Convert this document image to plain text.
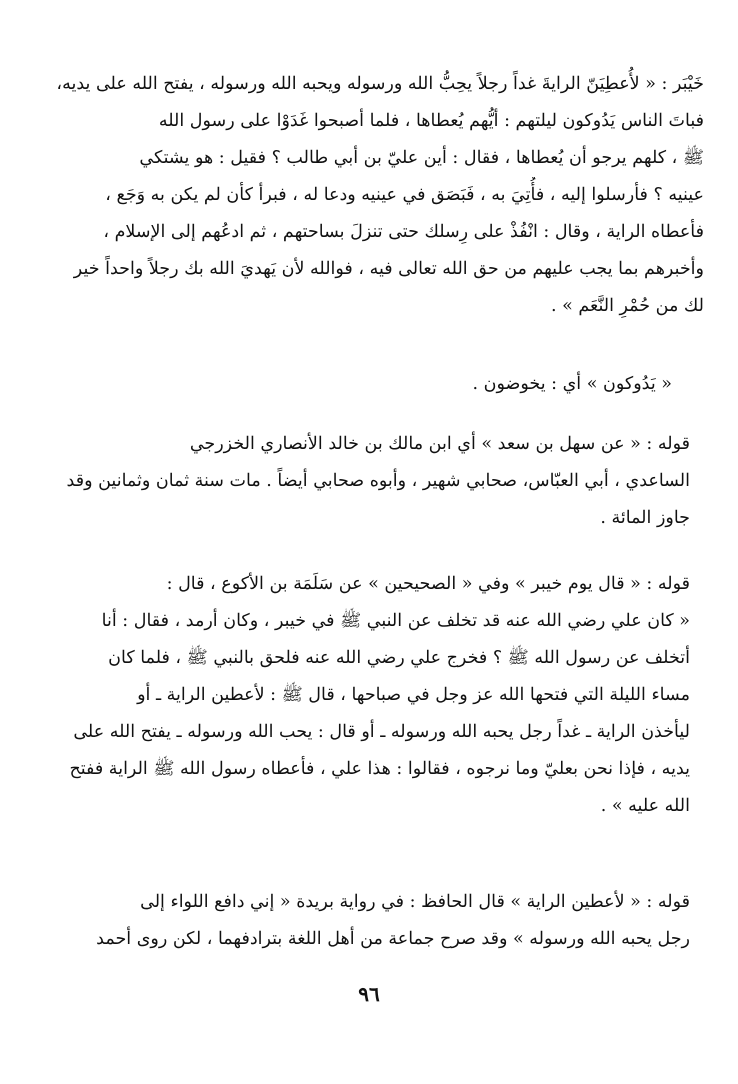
خَيْبَر : « لأُعطِيَنّ الرايةَ غداً رجلاً يحِبُّ الله ورسوله ويحبه الله ورسوله ، يفتح الله على يديه،
فباتَ الناس يَدُوكون ليلتهم : أيُّهم يُعطاها ، فلما أصبحوا غَدَوْا على رسول الله
ﷺ ، كلهم يرجو أن يُعطاها ، فقال : أين عليّ بن أبي طالب ؟ فقيل : هو يشتكي
عينيه ؟ فأرسلوا إليه ، فأُتِيَ به ، فَبَصَق في عينيه ودعا له ، فبرأ كأن لم يكن به وَجَع ،
فأعطاه الراية ، وقال : انْفُذْ على رِسلك حتى تنزلَ بساحتهم ، ثم ادعُهم إلى الإسلام ،
وأخبرهم بما يجب عليهم من حق الله تعالى فيه ، فوالله لأن يَهديَ الله بك رجلاً واحداً خير
لك من حُمْرِ النَّعَم » .
« يَدُوكون » أي : يخوضون .
قوله : « عن سهل بن سعد » أي ابن مالك بن خالد الأنصاري الخزرجي
الساعدي ، أبي العبّاس، صحابي شهير ، وأبوه صحابي أيضاً . مات سنة ثمان وثمانين وقد
جاوز المائة .
قوله : « قال يوم خيبر » وفي « الصحيحين » عن سَلَمَة بن الأكوع ، قال :
« كان علي رضي الله عنه قد تخلف عن النبي ﷺ في خيبر ، وكان أرمد ، فقال : أنا
أتخلف عن رسول الله ﷺ ؟ فخرج علي رضي الله عنه فلحق بالنبي ﷺ ، فلما كان
مساء الليلة التي فتحها الله عز وجل في صباحها ، قال ﷺ : لأعطين الراية ـ أو
ليأخذن الراية ـ غداً رجل يحبه الله ورسوله ـ أو قال : يحب الله ورسوله ـ يفتح الله على
يديه ، فإذا نحن بعليّ وما نرجوه ، فقالوا : هذا علي ، فأعطاه رسول الله ﷺ الراية ففتح
الله عليه » .
قوله : « لأعطين الراية » قال الحافظ : في رواية بريدة « إني دافع اللواء إلى
رجل يحبه الله ورسوله » وقد صرح جماعة من أهل اللغة بترادفهما ، لكن روى أحمد
٩٦
